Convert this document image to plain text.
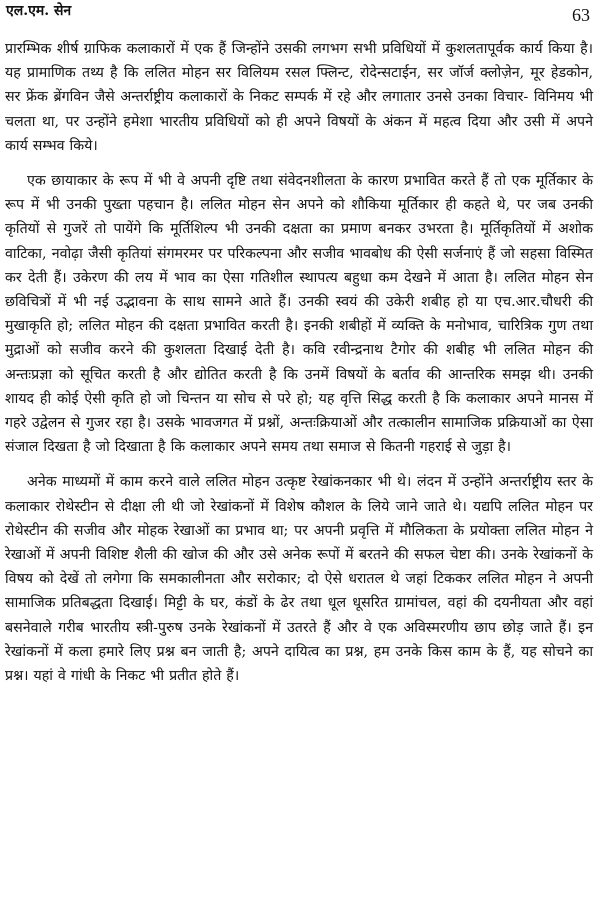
एल.एम. सेन	63

प्रारम्भिक शीर्ष ग्राफिक कलाकारों में एक हैं जिन्होंने उसकी लगभग सभी प्रविधियों में कुशलतापूर्वक कार्य किया है। यह प्रामाणिक तथ्य है कि ललित मोहन सर विलियम रसल फ्लिन्ट, रोदेन्सटाईन, सर जॉर्ज क्लोज़ेन, मूर हेडकोन, सर फ्रेंक ब्रेंगविन जैसे अन्तर्राष्ट्रीय कलाकारों के निकट सम्पर्क में रहे और लगातार उनसे उनका विचार- विनिमय भी चलता था, पर उन्होंने हमेशा भारतीय प्रविधियों को ही अपने विषयों के अंकन में महत्व दिया और उसी में अपने कार्य सम्भव किये।

एक छायाकार के रूप में भी वे अपनी दृष्टि तथा संवेदनशीलता के कारण प्रभावित करते हैं तो एक मूर्तिकार के रूप में भी उनकी पुख्ता पहचान है। ललित मोहन सेन अपने को शौकिया मूर्तिकार ही कहते थे, पर जब उनकी कृतियों से गुजरें तो पायेंगे कि मूर्तिशिल्प भी उनकी दक्षता का प्रमाण बनकर उभरता है। मूर्तिकृतियों में अशोक वाटिका, नवोढ़ा जैसी कृतियां संगमरमर पर परिकल्पना और सजीव भावबोध की ऐसी सर्जनाएं हैं जो सहसा विस्मित कर देती हैं। उकेरण की लय में भाव का ऐसा गतिशील स्थापत्य बहुधा कम देखने में आता है। ललित मोहन सेन छविचित्रों में भी नई उद्भावना के साथ सामने आते हैं। उनकी स्वयं की उकेरी शबीह हो या एच.आर.चौधरी की मुखाकृति हो; ललित मोहन की दक्षता प्रभावित करती है। इनकी शबीहों में व्यक्ति के मनोभाव, चारित्रिक गुण तथा मुद्राओं को सजीव करने की कुशलता दिखाई देती है। कवि रवीन्द्रनाथ टैगोर की शबीह भी ललित मोहन की अन्तःप्रज्ञा को सूचित करती है और द्योतित करती है कि उनमें विषयों के बर्ताव की आन्तरिक समझ थी। उनकी शायद ही कोई ऐसी कृति हो जो चिन्तन या सोच से परे हो; यह वृत्ति सिद्ध करती है कि कलाकार अपने मानस में गहरे उद्वेलन से गुजर रहा है। उसके भावजगत में प्रश्नों, अन्तःक्रियाओं और तत्कालीन सामाजिक प्रक्रियाओं का ऐसा संजाल दिखता है जो दिखाता है कि कलाकार अपने समय तथा समाज से कितनी गहराई से जुड़ा है।

अनेक माध्यमों में काम करने वाले ललित मोहन उत्कृष्ट रेखांकनकार भी थे। लंदन में उन्होंने अन्तर्राष्ट्रीय स्तर के कलाकार रोथेस्टीन से दीक्षा ली थी जो रेखांकनों में विशेष कौशल के लिये जाने जाते थे। यद्यपि ललित मोहन पर रोथेस्टीन की सजीव और मोहक रेखाओं का प्रभाव था; पर अपनी प्रवृत्ति में मौलिकता के प्रयोक्ता ललित मोहन ने रेखाओं में अपनी विशिष्ट शैली की खोज की और उसे अनेक रूपों में बरतने की सफल चेष्टा की। उनके रेखांकनों के विषय को देखें तो लगेगा कि समकालीनता और सरोकार; दो ऐसे धरातल थे जहां टिककर ललित मोहन ने अपनी सामाजिक प्रतिबद्धता दिखाई। मिट्टी के घर, कंडों के ढेर तथा धूल धूसरित ग्रामांचल, वहां की दयनीयता और वहां बसनेवाले गरीब भारतीय स्त्री-पुरुष उनके रेखांकनों में उतरते हैं और वे एक अविस्मरणीय छाप छोड़ जाते हैं। इन रेखांकनों में कला हमारे लिए प्रश्न बन जाती है; अपने दायित्व का प्रश्न, हम उनके किस काम के हैं, यह सोचने का प्रश्न। यहां वे गांधी के निकट भी प्रतीत होते हैं।
